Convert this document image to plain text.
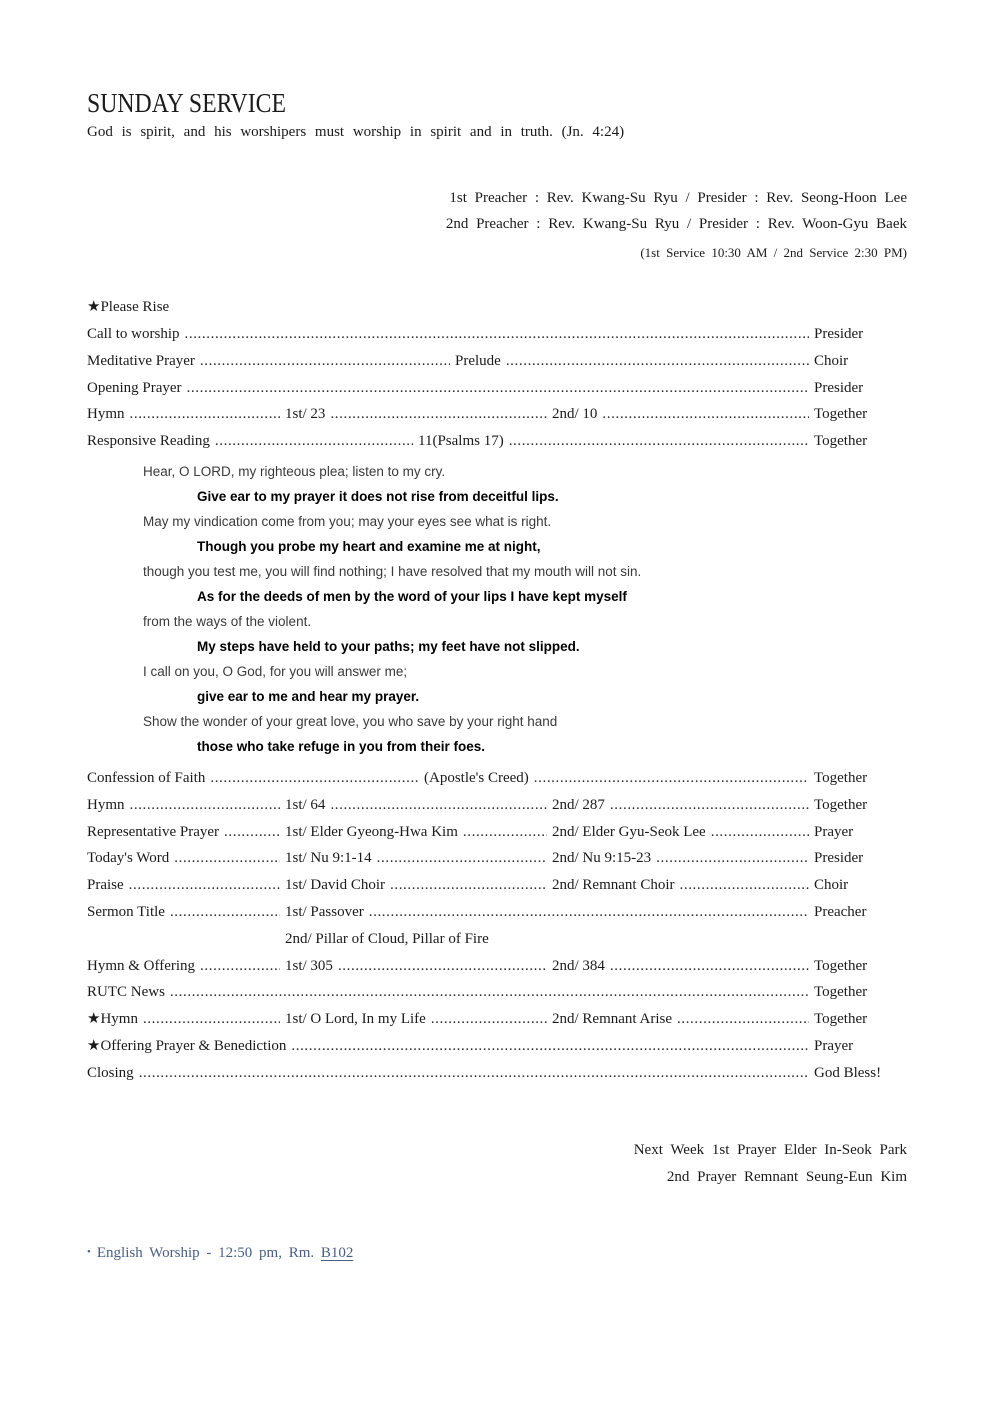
SUNDAY SERVICE
God is spirit, and his worshipers must worship in spirit and in truth. (Jn. 4:24)
1st Preacher : Rev. Kwang-Su Ryu / Presider : Rev. Seong-Hoon Lee
2nd Preacher : Rev. Kwang-Su Ryu / Presider : Rev. Woon-Gyu Baek
(1st Service 10:30 AM / 2nd Service 2:30 PM)
★Please Rise
Call to worship .....	Presider
Meditative Prayer .....	Prelude .....	Choir
Opening Prayer .....	Presider
Hymn .....	1st/ 23 .....	2nd/ 10 .....	Together
Responsive Reading .....	11(Psalms 17) .....	Together
Hear, O LORD, my righteous plea; listen to my cry.
Give ear to my prayer it does not rise from deceitful lips.
May my vindication come from you; may your eyes see what is right.
Though you probe my heart and examine me at night,
though you test me, you will find nothing; I have resolved that my mouth will not sin.
As for the deeds of men by the word of your lips I have kept myself
from the ways of the violent.
My steps have held to your paths; my feet have not slipped.
I call on you, O God, for you will answer me;
give ear to me and hear my prayer.
Show the wonder of your great love, you who save by your right hand
those who take refuge in you from their foes.
Confession of Faith .....	(Apostle's Creed) .....	Together
Hymn .....	1st/ 64 .....	2nd/ 287 .....	Together
Representative Prayer .....	1st/ Elder Gyeong-Hwa Kim .....	2nd/ Elder Gyu-Seok Lee .....	Prayer
Today's Word .....	1st/ Nu 9:1-14 .....	2nd/ Nu 9:15-23 .....	Presider
Praise .....	1st/ David Choir .....	2nd/ Remnant Choir .....	Choir
Sermon Title .....	1st/ Passover .....	Preacher
2nd/ Pillar of Cloud, Pillar of Fire
Hymn & Offering .....	1st/ 305 .....	2nd/ 384 .....	Together
RUTC News .....	Together
★Hymn .....	1st/ O Lord, In my Life .....	2nd/ Remnant Arise .....	Together
★Offering Prayer & Benediction .....	Prayer
Closing .....	God Bless!
Next Week 1st Prayer Elder In-Seok Park
2nd Prayer Remnant Seung-Eun Kim
• English Worship - 12:50 pm, Rm. B102
